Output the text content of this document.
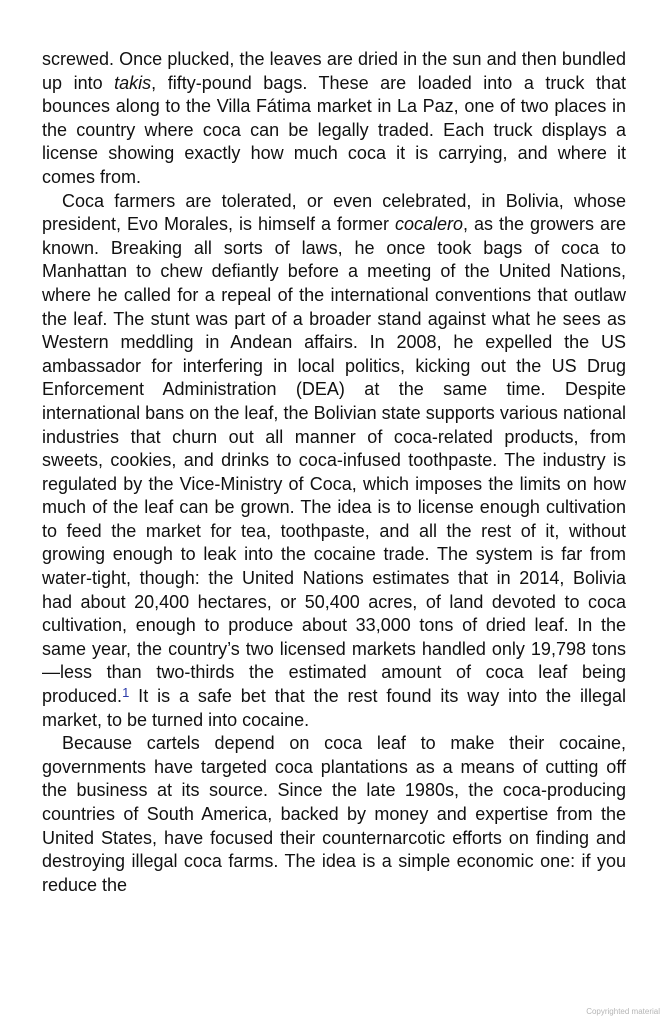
screwed. Once plucked, the leaves are dried in the sun and then bundled up into takis, fifty-pound bags. These are loaded into a truck that bounces along to the Villa Fátima market in La Paz, one of two places in the country where coca can be legally traded. Each truck displays a license showing exactly how much coca it is carrying, and where it comes from.

Coca farmers are tolerated, or even celebrated, in Bolivia, whose president, Evo Morales, is himself a former cocalero, as the growers are known. Breaking all sorts of laws, he once took bags of coca to Manhattan to chew defiantly before a meeting of the United Nations, where he called for a repeal of the international conventions that outlaw the leaf. The stunt was part of a broader stand against what he sees as Western meddling in Andean affairs. In 2008, he expelled the US ambassador for interfering in local politics, kicking out the US Drug Enforcement Administration (DEA) at the same time. Despite international bans on the leaf, the Bolivian state supports various national industries that churn out all manner of coca-related products, from sweets, cookies, and drinks to coca-infused toothpaste. The industry is regulated by the Vice-Ministry of Coca, which imposes the limits on how much of the leaf can be grown. The idea is to license enough cultivation to feed the market for tea, toothpaste, and all the rest of it, without growing enough to leak into the cocaine trade. The system is far from water-tight, though: the United Nations estimates that in 2014, Bolivia had about 20,400 hectares, or 50,400 acres, of land devoted to coca cultivation, enough to produce about 33,000 tons of dried leaf. In the same year, the country’s two licensed markets handled only 19,798 tons—less than two-thirds the estimated amount of coca leaf being produced.$^1$ It is a safe bet that the rest found its way into the illegal market, to be turned into cocaine.

Because cartels depend on coca leaf to make their cocaine, governments have targeted coca plantations as a means of cutting off the business at its source. Since the late 1980s, the coca-producing countries of South America, backed by money and expertise from the United States, have focused their counternarcotic efforts on finding and destroying illegal coca farms. The idea is a simple economic one: if you reduce the

Copyrighted material
